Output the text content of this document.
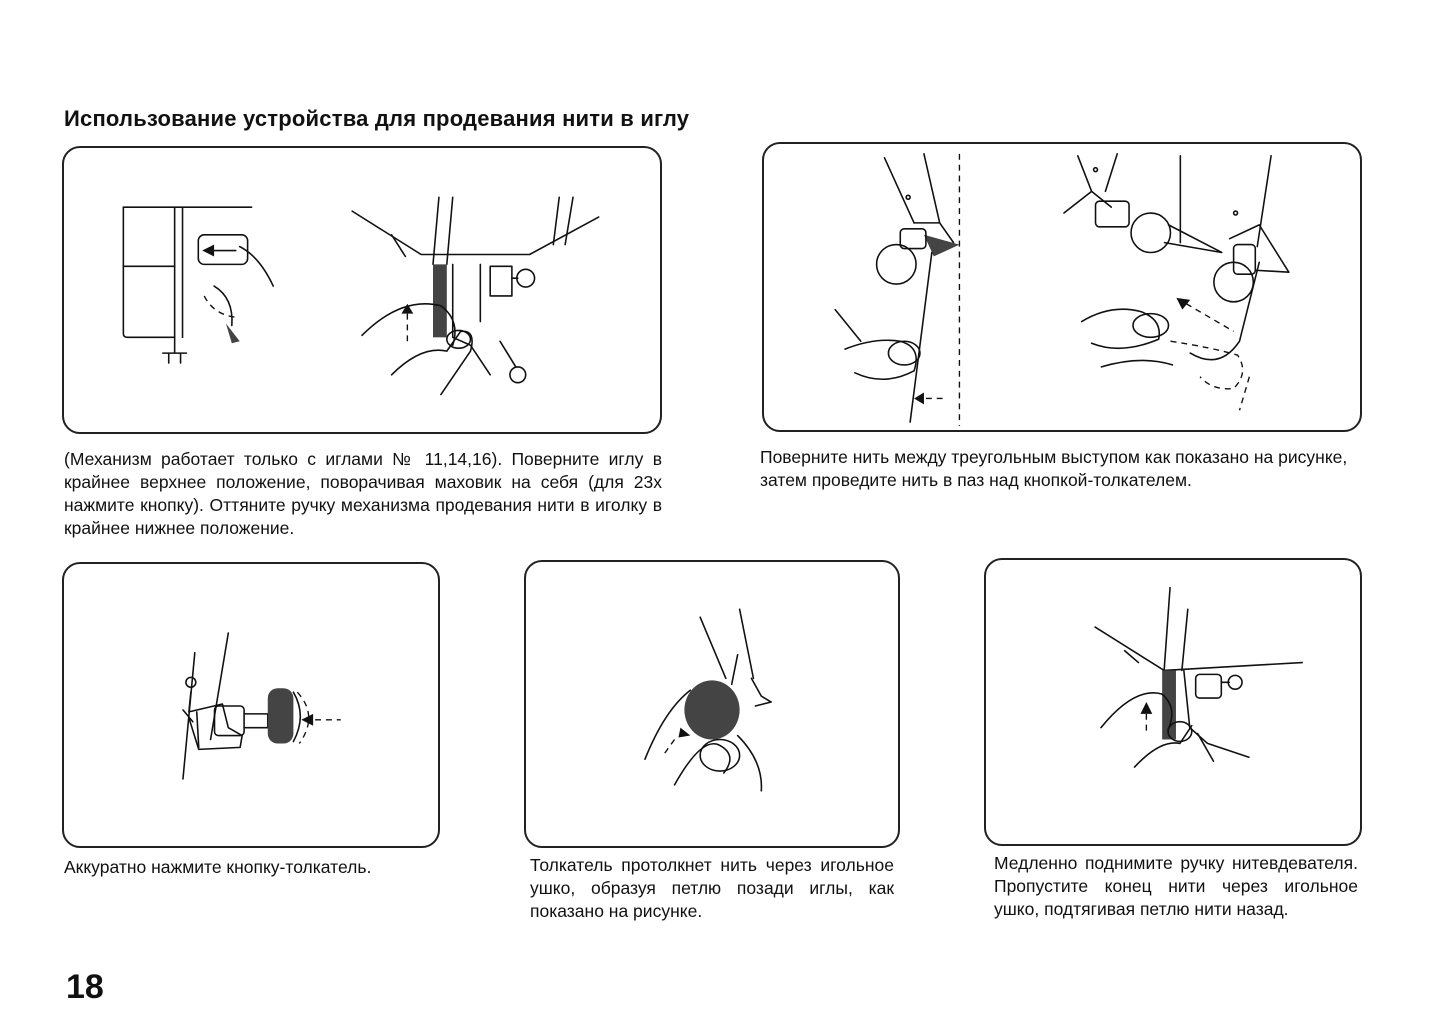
Использование устройства для продевания нити в иглу

(Механизм работает только с иглами № 11,14,16). Поверните иглу в крайнее верхнее положение, поворачивая маховик на себя (для 23х нажмите кнопку). Оттяните ручку механизма продевания нити в иголку в крайнее нижнее положение.

Поверните нить между треугольным выступом как показано на рисунке, затем проведите нить в паз над кнопкой-толкателем.

Аккуратно нажмите кнопку-толкатель.	Толкатель протолкнет нить через игольное ушко, образуя петлю позади иглы, как показано на рисунке.

Медленно поднимите ручку нитевдевателя. Пропустите конец нити через игольное ушко, подтягивая петлю нити назад.

18
